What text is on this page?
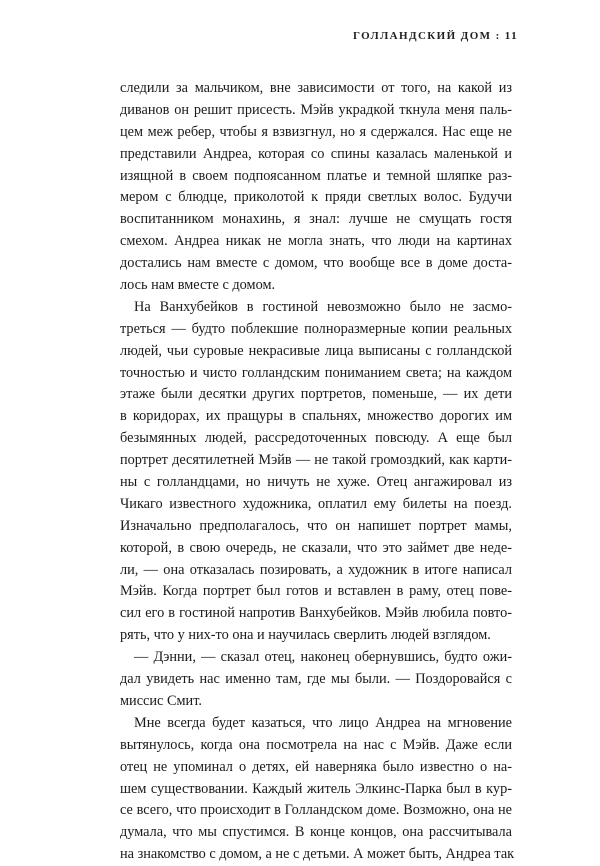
ГОЛЛАНДСКИЙ ДОМ : 11
следили за мальчиком, вне зависимости от того, на какой из
диванов он решит присесть. Мэйв украдкой ткнула меня паль-
цем меж ребер, чтобы я взвизгнул, но я сдержался. Нас еще не
представили Андреа, которая со спины казалась маленькой и
изящной в своем подпоясанном платье и темной шляпке раз-
мером с блюдце, приколотой к пряди светлых волос. Будучи
воспитанником монахинь, я знал: лучше не смущать гостя
смехом. Андреа никак не могла знать, что люди на картинах
достались нам вместе с домом, что вообще все в доме доста-
лось нам вместе с домом.
На Ванхубейков в гостиной невозможно было не засмо-
треться — будто поблекшие полноразмерные копии реальных
людей, чьи суровые некрасивые лица выписаны с голландской
точностью и чисто голландским пониманием света; на каждом
этаже были десятки других портретов, поменьше, — их дети
в коридорах, их пращуры в спальнях, множество дорогих им
безымянных людей, рассредоточенных повсюду. А еще был
портрет десятилетней Мэйв — не такой громоздкий, как карти-
ны с голландцами, но ничуть не хуже. Отец ангажировал из
Чикаго известного художника, оплатил ему билеты на поезд.
Изначально предполагалось, что он напишет портрет мамы,
которой, в свою очередь, не сказали, что это займет две неде-
ли, — она отказалась позировать, а художник в итоге написал
Мэйв. Когда портрет был готов и вставлен в раму, отец пове-
сил его в гостиной напротив Ванхубейков. Мэйв любила повто-
рять, что у них-то она и научилась сверлить людей взглядом.
— Дэнни, — сказал отец, наконец обернувшись, будто ожи-
дал увидеть нас именно там, где мы были. — Поздоровайся с
миссис Смит.
Мне всегда будет казаться, что лицо Андреа на мгновение
вытянулось, когда она посмотрела на нас с Мэйв. Даже если
отец не упоминал о детях, ей наверняка было известно о на-
шем существовании. Каждый житель Элкинс-Парка был в кур-
се всего, что происходит в Голландском доме. Возможно, она не
думала, что мы спустимся. В конце концов, она рассчитывала
на знакомство с домом, а не с детьми. А может быть, Андреа так
